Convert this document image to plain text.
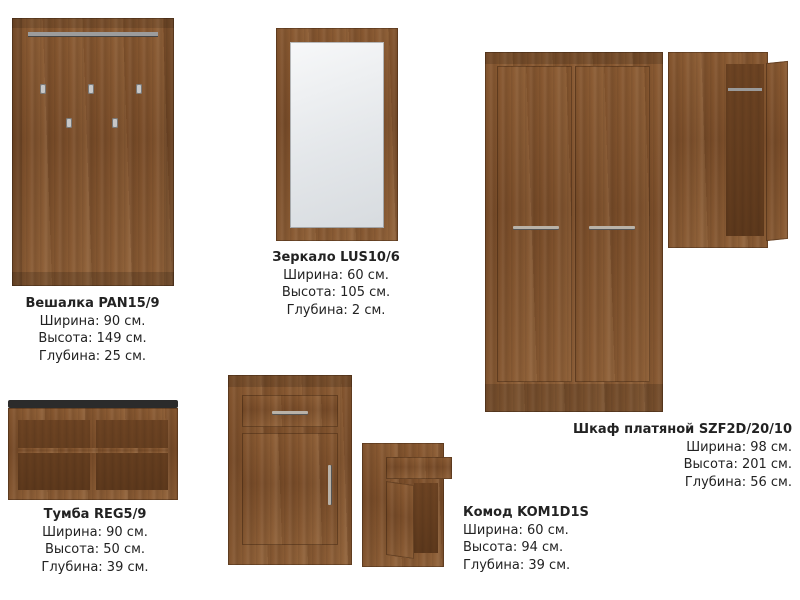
Вешалка PAN15/9
Ширина: 90 см.
Высота: 149 см.
Глубина: 25 см.
Зеркало LUS10/6
Ширина: 60 см.
Высота: 105 см.
Глубина: 2 см.
Шкаф платяной SZF2D/20/10
Ширина: 98 см.
Высота: 201 см.
Глубина: 56 см.
Тумба REG5/9
Ширина: 90 см.
Высота: 50 см.
Глубина: 39 см.
Комод KOM1D1S
Ширина: 60 см.
Высота: 94 см.
Глубина: 39 см.
